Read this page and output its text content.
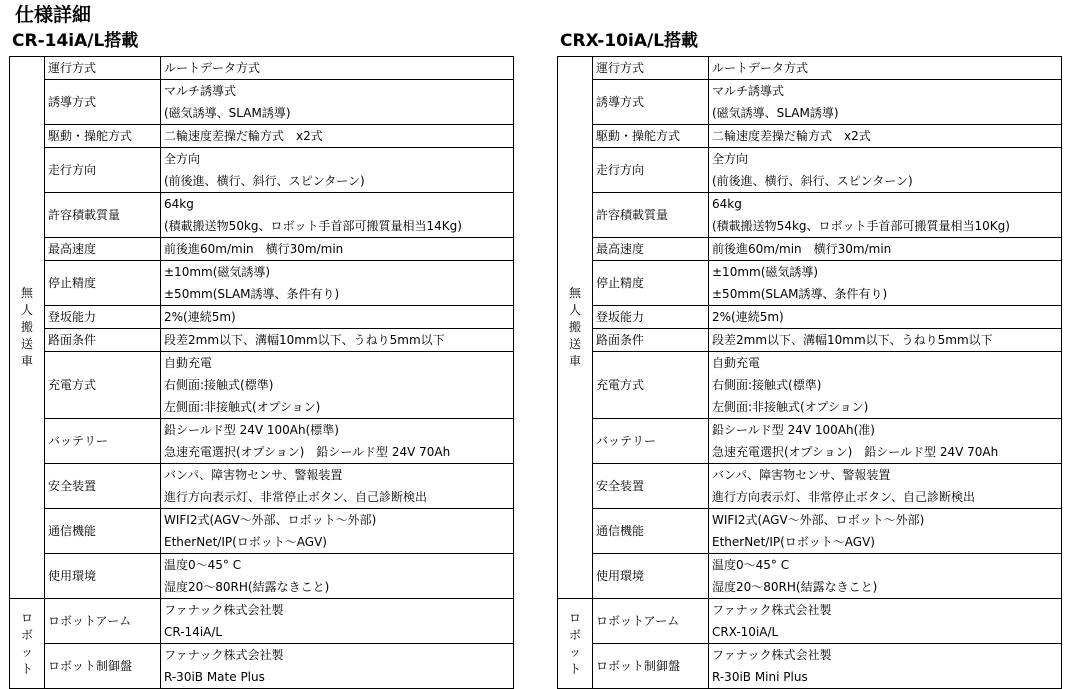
仕様詳細
CR-14iA/L搭載
無人搬送車	運行方式	ルートデータ方式

	誘導方式	マルチ誘導式
(磁気誘導、SLAM誘導)

	駆動・操舵方式	二輪速度差操だ輪方式　x2式

	走行方向	全方向
(前後進、横行、斜行、スピンターン)

	許容積載質量	64kg
(積載搬送物50kg、ロボット手首部可搬質量相当14Kg)

	最高速度	前後進60m/min　横行30m/min

	停止精度	±10mm(磁気誘導)
±50mm(SLAM誘導、条件有り)

	登坂能力	2%(連続5m)

	路面条件	段差2mm以下、溝幅10mm以下、うねり5mm以下

	充電方式	自動充電
右側面:接触式(標準)
左側面:非接触式(オプション)

	バッテリー	鉛シールド型 24V 100Ah(標準)
急速充電選択(オプション)　鉛シールド型 24V 70Ah

	安全装置	バンパ、障害物センサ、警報装置
進行方向表示灯、非常停止ボタン、自己診断検出

	通信機能	WIFI2式(AGV〜外部、ロボット〜外部)
EtherNet/IP(ロボット〜AGV)

	使用環境	温度0〜45° C
湿度20〜80RH(結露なきこと)

ロボット	ロボットアーム	ファナック株式会社製
CR-14iA/L

	ロボット制御盤	ファナック株式会社製
R-30iB Mate Plus
CRX-10iA/L搭載
無人搬送車	運行方式	ルートデータ方式

	誘導方式	マルチ誘導式
(磁気誘導、SLAM誘導)

	駆動・操舵方式	二輪速度差操だ輪方式　x2式

	走行方向	全方向
(前後進、横行、斜行、スピンターン)

	許容積載質量	64kg
(積載搬送物54kg、ロボット手首部可搬質量相当10Kg)

	最高速度	前後進60m/min　横行30m/min

	停止精度	±10mm(磁気誘導)
±50mm(SLAM誘導、条件有り)

	登坂能力	2%(連続5m)

	路面条件	段差2mm以下、溝幅10mm以下、うねり5mm以下

	充電方式	自動充電
右側面:接触式(標準)
左側面:非接触式(オプション)

	バッテリー	鉛シールド型 24V 100Ah(准)
急速充電選択(オプション)　鉛シールド型 24V 70Ah

	安全装置	バンパ、障害物センサ、警報装置
進行方向表示灯、非常停止ボタン、自己診断検出

	通信機能	WIFI2式(AGV〜外部、ロボット〜外部)
EtherNet/IP(ロボット〜AGV)

	使用環境	温度0〜45° C
湿度20〜80RH(結露なきこと)

ロボット	ロボットアーム	ファナック株式会社製
CRX-10iA/L

	ロボット制御盤	ファナック株式会社製
R-30iB Mini Plus
